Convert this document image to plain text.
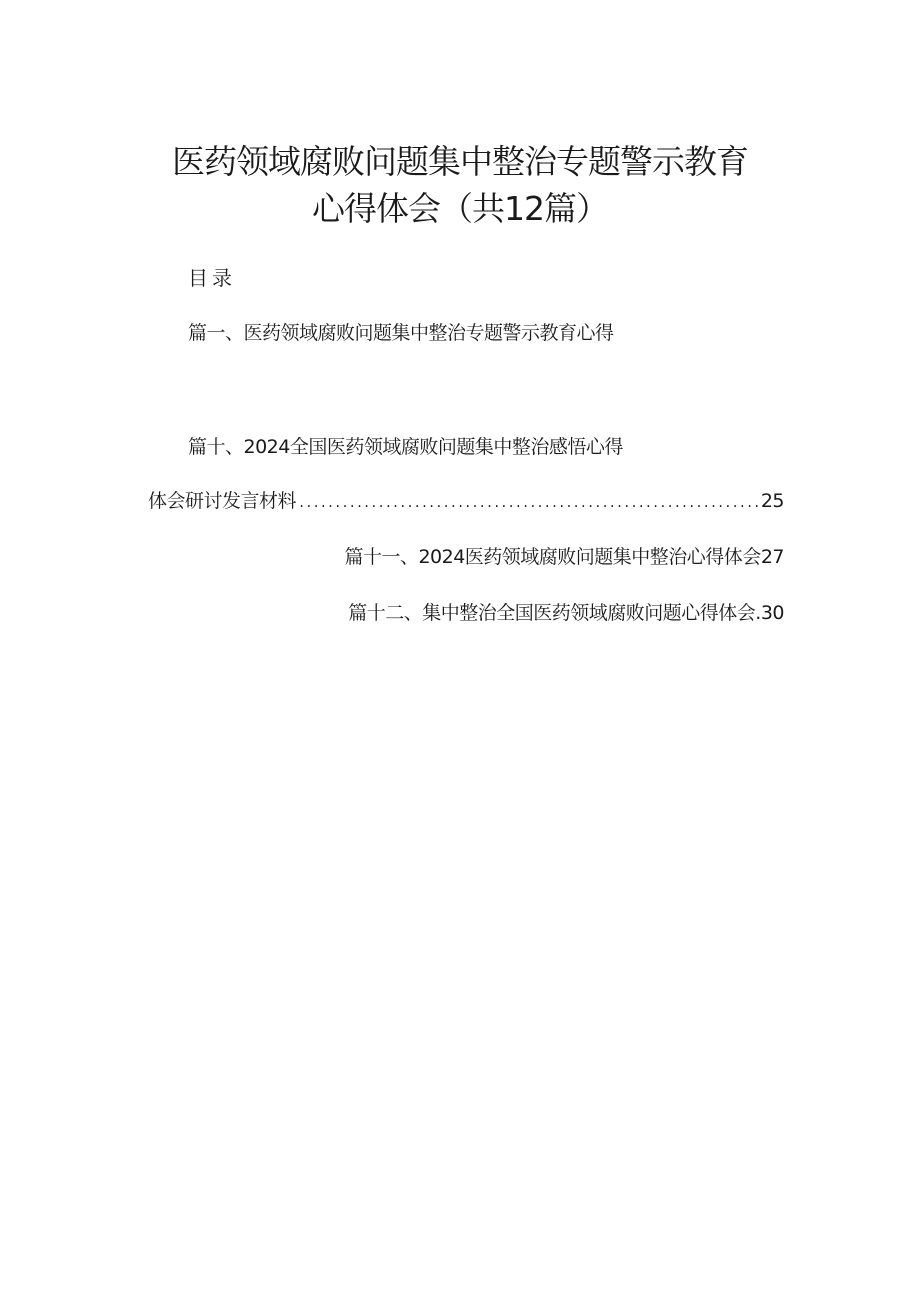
医药领域腐败问题集中整治专题警示教育
心得体会（共12篇）
目录
篇一、医药领域腐败问题集中整治专题警示教育心得
篇十、2024全国医药领域腐败问题集中整治感悟心得
体会研讨发言材料
.....	25
篇十一、2024医药领域腐败问题集中整治心得体会27
篇十二、集中整治全国医药领域腐败问题心得体会.30
